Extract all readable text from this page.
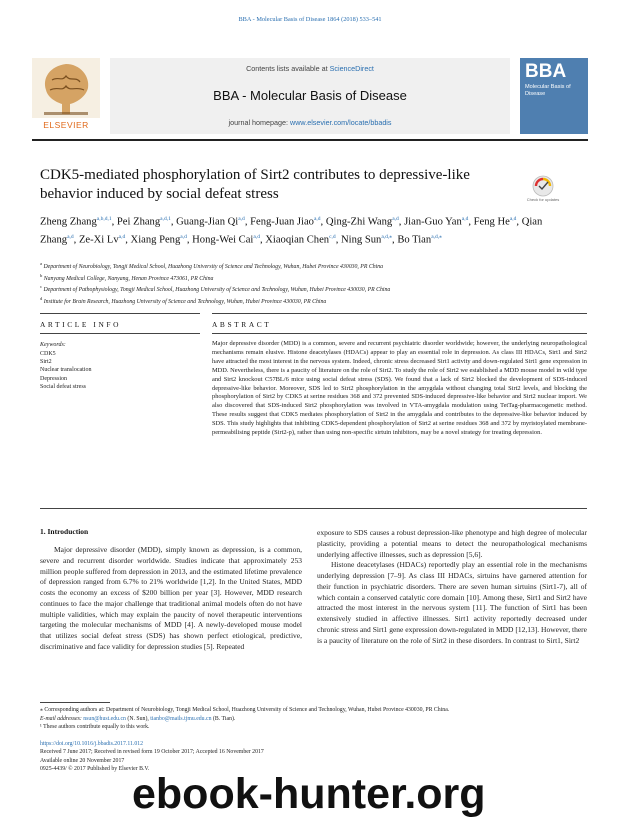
BBA - Molecular Basis of Disease 1864 (2018) 533–541
ELSEVIER
Contents lists available at ScienceDirect
BBA - Molecular Basis of Disease
journal homepage: www.elsevier.com/locate/bbadis
BBA
Molecular Basis of Disease
CDK5-mediated phosphorylation of Sirt2 contributes to depressive-like behavior induced by social defeat stress	Check for updates
Zheng Zhang$^{a,b,d,1}$, Pei Zhang$^{a,d,1}$, Guang-Jian Qi$^{a,d}$, Feng-Juan Jiao$^{a,d}$, Qing-Zhi Wang$^{a,d}$, Jian-Guo Yan$^{a,d}$, Feng He$^{a,d}$, Qian Zhang$^{a,d}$, Ze-Xi Lv$^{a,d}$, Xiang Peng$^{a,d}$, Hong-Wei Cai$^{a,d}$, Xiaoqian Chen$^{c,d}$, Ning Sun$^{a,d,⁎}$, Bo Tian$^{a,d,⁎}$
$^a$ Department of Neurobiology, Tongji Medical School, Huazhong University of Science and Technology, Wuhan, Hubei Province 430030, PR China
$^b$ Nanyang Medical College, Nanyang, Henan Province 473061, PR China
$^c$ Department of Pathophysiology, Tongji Medical School, Huazhong University of Science and Technology, Wuhan, Hubei Province 430030, PR China
$^d$ Institute for Brain Research, Huazhong University of Science and Technology, Wuhan, Hubei Province 430030, PR China
ARTICLE INFO
Keywords:
CDK5
Sirt2
Nuclear translocation
Depression
Social defeat stress
ABSTRACT
Major depressive disorder (MDD) is a common, severe and recurrent psychiatric disorder worldwide; however, the underlying neuropathological mechanisms remain elusive. Histone deacetylases (HDACs) appear to play an essential role in depression. As class III HDACs, Sirt1 and Sirt2 have attracted the most interest in the nervous system. Indeed, chronic stress decreased Sirt1 activity and down-regulated Sirt1 gene expression in MDD. Nevertheless, there is a paucity of literature on the role of Sirt2. To study the role of Sirt2 we established a MDD mouse model in wild type and Sirt2 knockout C57BL/6 mice using social defeat stress (SDS). We found that a lack of Sirt2 blocked the development of SDS-induced depressive-like behavior. Moreover, SDS led to Sirt2 phosphorylation in the amygdala without changing total Sirt2 levels, and blocking the phosphorylation of Sirt2 by CDK5 at serine residues 368 and 372 prevented SDS-induced depressive-like behavior and Sirt2 nuclear import. We also discovered that SDS-induced Sirt2 phosphorylation was involved in VTA-amygdala modulation using TetTag-pharmacogenetic method. These results suggest that CDK5 mediates phosphorylation of Sirt2 in the amygdala and contributes to the depressive-like behavior induced by SDS. This study highlights that inhibiting CDK5-dependent phosphorylation of Sirt2 at serine residues 368 and 372 by myristoylated membrane-permeabilising peptide (Sirt2-p), rather than using non-specific sirtuin inhibitors, may be a novel strategy for treating depression.
1. Introduction

Major depressive disorder (MDD), simply known as depression, is a common, severe and recurrent disorder worldwide. Studies indicate that approximately 253 million people suffered from depression in 2013, and the estimated lifetime prevalence of depression ranged from 6.7% to 21% worldwide [1,2]. In the United States, MDD costs the economy an excess of $200 billion per year [3]. However, MDD research continues to face the major challenge that traditional animal models often do not have multiple validities, which may explain the paucity of novel therapeutic interventions targeting the molecular mechanisms of MDD [4]. A newly-developed mouse model that utilizes social defeat stress (SDS) has shown perfect etiological, predictive, discriminative and face validity for depression studies [5]. Repeated

exposure to SDS causes a robust depression-like phenotype and high degree of molecular plasticity, providing a potential means to detect the neuropathological mechanisms underlying affective illnesses, such as depression [5,6].

Histone deacetylases (HDACs) reportedly play an essential role in the mechanisms underlying depression [7–9]. As class III HDACs, sirtuins have garnered attention for their function in psychiatric disorders. There are seven human sirtuins (Sirt1-7), all of which contain a conserved catalytic core domain [10]. Among these, Sirt1 and Sirt2 have attracted the most interest in the nervous system [11]. The function of Sirt1 has been extensively studied in affective illnesses. Sirt1 activity reportedly decreased under chronic stress and Sirt1 gene expression down-regulated in MDD [12,13]. However, there is a paucity of literature on the role of Sirt2 in these disorders. In contrast to Sirt1, Sirt2

⁎ Corresponding authors at: Department of Neurobiology, Tongji Medical School, Huazhong University of Science and Technology, Wuhan, Hubei Province 430030, PR China.
E-mail addresses: nsun@hust.edu.cn (N. Sun), tianbo@mails.tjmu.edu.cn (B. Tian).
¹ These authors contribute equally to this work.
https://doi.org/10.1016/j.bbadis.2017.11.012
Received 7 June 2017; Received in revised form 19 October 2017; Accepted 16 November 2017
Available online 20 November 2017
0925-4439/ © 2017 Published by Elsevier B.V.
ebook-hunter.org
